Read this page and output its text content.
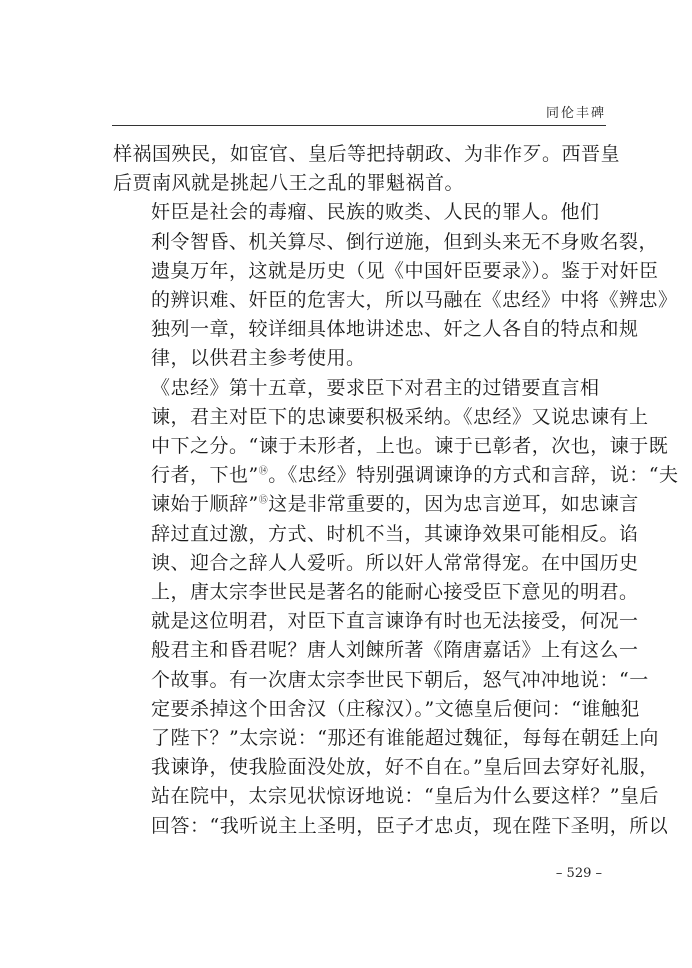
同伦丰碑

样祸国殃民，如宦官、皇后等把持朝政、为非作歹。西晋皇
后贾南风就是挑起八王之乱的罪魁祸首。

奸臣是社会的毒瘤、民族的败类、人民的罪人。他们
利令智昏、机关算尽、倒行逆施，但到头来无不身败名裂，
遗臭万年，这就是历史（见《中国奸臣要录》）。鉴于对奸臣
的辨识难、奸臣的危害大，所以马融在《忠经》中将《辨忠》
独列一章，较详细具体地讲述忠、奸之人各自的特点和规
律，以供君主参考使用。

《忠经》第十五章，要求臣下对君主的过错要直言相
谏，君主对臣下的忠谏要积极采纳。《忠经》又说忠谏有上
中下之分。“谏于未形者，上也。谏于已彰者，次也，谏于既
行者，下也”⑭。《忠经》特别强调谏诤的方式和言辞，说：“夫
谏始于顺辞”⑮这是非常重要的，因为忠言逆耳，如忠谏言
辞过直过激，方式、时机不当，其谏诤效果可能相反。谄
谀、迎合之辞人人爱听。所以奸人常常得宠。在中国历史
上，唐太宗李世民是著名的能耐心接受臣下意见的明君。
就是这位明君，对臣下直言谏诤有时也无法接受，何况一
般君主和昏君呢？唐人刘餗所著《隋唐嘉话》上有这么一
个故事。有一次唐太宗李世民下朝后，怒气冲冲地说：“一
定要杀掉这个田舍汉（庄稼汉）。”文德皇后便问：“谁触犯
了陛下？”太宗说：“那还有谁能超过魏征，每每在朝廷上向
我谏诤，使我脸面没处放，好不自在。”皇后回去穿好礼服，
站在院中，太宗见状惊讶地说：“皇后为什么要这样？”皇后
回答：“我听说主上圣明，臣子才忠贞，现在陛下圣明，所以

– 529 –
